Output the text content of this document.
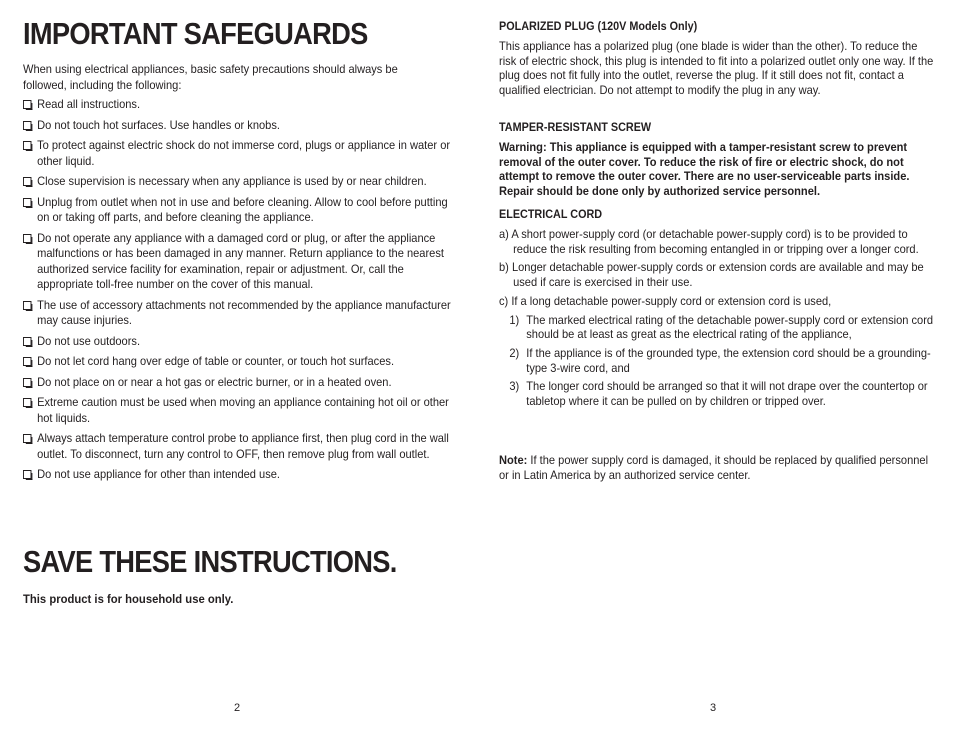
IMPORTANT SAFEGUARDS
When using electrical appliances, basic safety precautions should always be followed, including the following:
Read all instructions.
Do not touch hot surfaces. Use handles or knobs.
To protect against electric shock do not immerse cord, plugs or appliance in water or other liquid.
Close supervision is necessary when any appliance is used by or near children.
Unplug from outlet when not in use and before cleaning. Allow to cool before putting on or taking off parts, and before cleaning the appliance.
Do not operate any appliance with a damaged cord or plug, or after the appliance malfunctions or has been damaged in any manner. Return appliance to the nearest authorized service facility for examination, repair or adjustment. Or, call the appropriate toll-free number on the cover of this manual.
The use of accessory attachments not recommended by the appliance manufacturer may cause injuries.
Do not use outdoors.
Do not let cord hang over edge of table or counter, or touch hot surfaces.
Do not place on or near a hot gas or electric burner, or in a heated oven.
Extreme caution must be used when moving an appliance containing hot oil or other hot liquids.
Always attach temperature control probe to appliance first, then plug cord in the wall outlet. To disconnect, turn any control to OFF, then remove plug from wall outlet.
Do not use appliance for other than intended use.
SAVE THESE INSTRUCTIONS.
This product is for household use only.
2
POLARIZED PLUG (120V Models Only)
This appliance has a polarized plug (one blade is wider than the other). To reduce the risk of electric shock, this plug is intended to fit into a polarized outlet only one way. If the plug does not fit fully into the outlet, reverse the plug. If it still does not fit, contact a qualified electrician. Do not attempt to modify the plug in any way.
TAMPER-RESISTANT SCREW
Warning: This appliance is equipped with a tamper-resistant screw to prevent removal of the outer cover. To reduce the risk of fire or electric shock, do not attempt to remove the outer cover. There are no user-serviceable parts inside. Repair should be done only by authorized service personnel.
ELECTRICAL CORD
a) A short power-supply cord (or detachable power-supply cord) is to be provided to reduce the risk resulting from becoming entangled in or tripping over a longer cord.
b) Longer detachable power-supply cords or extension cords are available and may be used if care is exercised in their use.
c) If a long detachable power-supply cord or extension cord is used,
1) The marked electrical rating of the detachable power-supply cord or extension cord should be at least as great as the electrical rating of the appliance,
2) If the appliance is of the grounded type, the extension cord should be a grounding-type 3-wire cord, and
3) The longer cord should be arranged so that it will not drape over the countertop or tabletop where it can be pulled on by children or tripped over.
Note: If the power supply cord is damaged, it should be replaced by qualified personnel or in Latin America by an authorized service center.
3
